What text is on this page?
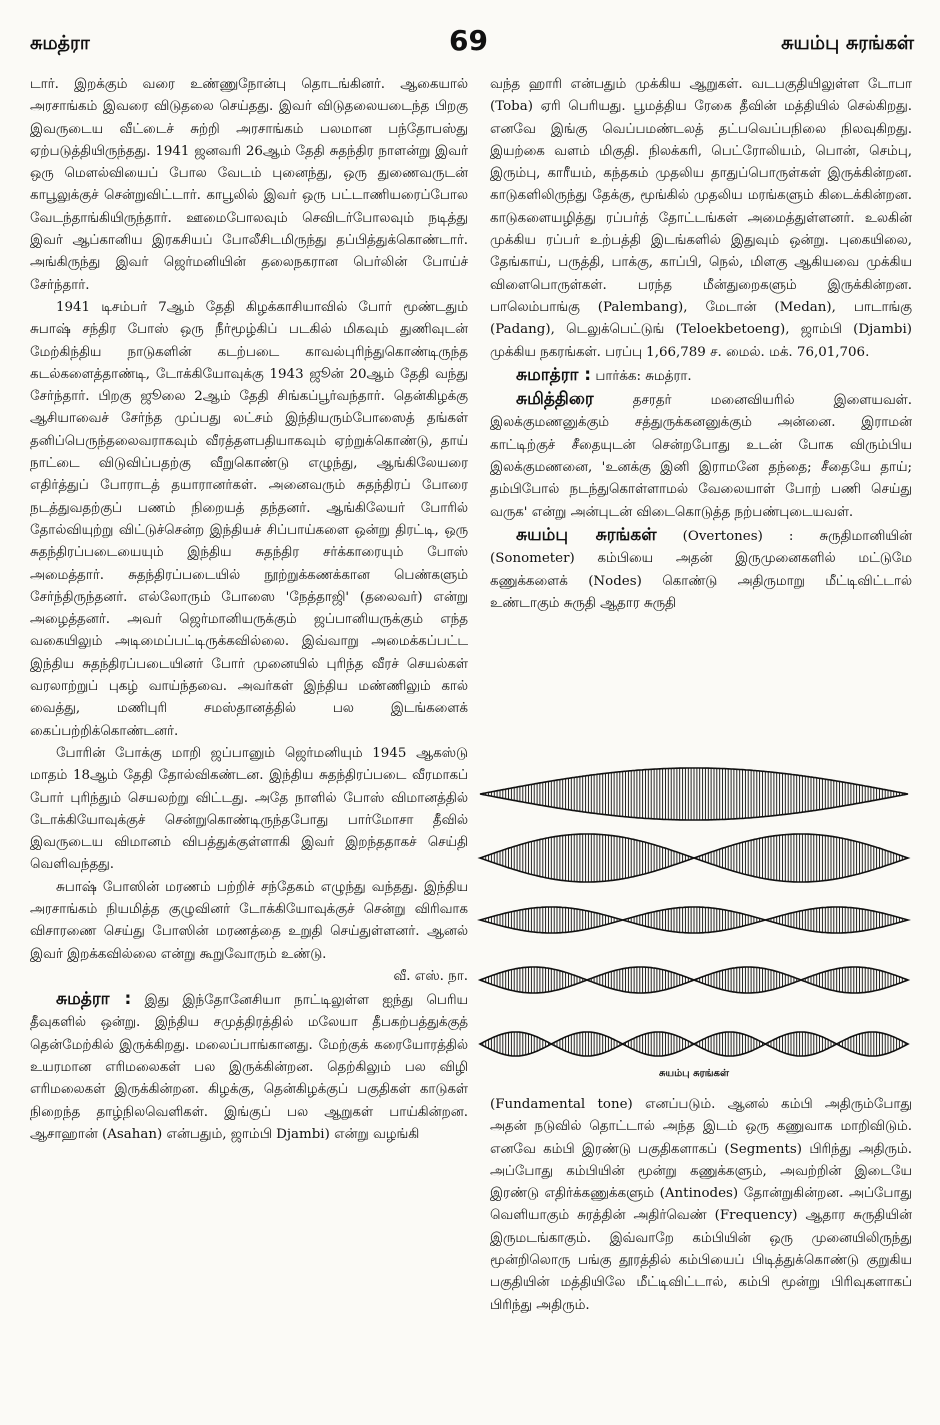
சுமத்ரா	69	சுயம்பு சுரங்கள்

டார். இறக்கும் வரை உண்ணுநோன்பு தொடங்கினர். ஆகையால் அரசாங்கம் இவரை விடுதலை செய்தது. இவர் விடுதலையடைந்த பிறகு இவருடைய வீட்டைச் சுற்றி அரசாங்கம் பலமான பந்தோபஸ்து ஏற்படுத்தியிருந்தது. 1941 ஜனவரி 26ஆம் தேதி சுதந்திர நாளன்று இவர் ஒரு மௌல்வியைப் போல வேடம் புனைந்து, ஒரு துணைவருடன் காபூலுக்குச் சென்றுவிட்டார். காபூலில் இவர் ஒரு பட்டாணியரைப்போல வேடந்தாங்கியிருந்தார். ஊமைபோலவும் செவிடர்போலவும் நடித்து இவர் ஆப்கானிய இரகசியப் போலீசிடமிருந்து தப்பித்துக்கொண்டார். அங்கிருந்து இவர் ஜெர்மனியின் தலைநகரான பெர்லின் போய்ச் சேர்ந்தார்.

1941 டிசம்பர் 7ஆம் தேதி கிழக்காசியாவில் போர் மூண்டதும் சுபாஷ் சந்திர போஸ் ஒரு நீர்மூழ்கிப் படகில் மிகவும் துணிவுடன் மேற்கிந்திய நாடுகளின் கடற்படை காவல்புரிந்துகொண்டிருந்த கடல்களைத்தாண்டி, டோக்கியோவுக்கு 1943 ஜூன் 20ஆம் தேதி வந்து சேர்ந்தார். பிறகு ஜூலை 2ஆம் தேதி சிங்கப்பூர்வந்தார். தென்கிழக்கு ஆசியாவைச் சேர்ந்த முப்பது லட்சம் இந்தியரும்போஸைத் தங்கள் தனிப்பெருந்தலைவராகவும் வீரத்தளபதியாகவும் ஏற்றுக்கொண்டு, தாய் நாட்டை விடுவிப்பதற்கு வீறுகொண்டு எழுந்து, ஆங்கிலேயரை எதிர்த்துப் போராடத் தயாரானர்கள். அனைவரும் சுதந்திரப் போரை நடத்துவதற்குப் பணம் நிறையத் தந்தனர். ஆங்கிலேயர் போரில் தோல்வியுற்று விட்டுச்சென்ற இந்தியச் சிப்பாய்களை ஒன்று திரட்டி, ஒரு சுதந்திரப்படையையும் இந்திய சுதந்திர சர்க்காரையும் போஸ் அமைத்தார். சுதந்திரப்படையில் நூற்றுக்கணக்கான பெண்களும் சேர்ந்திருந்தனர். எல்லோரும் போஸை 'நேத்தாஜி' (தலைவர்) என்று அழைத்தனர். அவர் ஜெர்மானியருக்கும் ஜப்பானியருக்கும் எந்த வகையிலும் அடிமைப்பட்டிருக்கவில்லை. இவ்வாறு அமைக்கப்பட்ட இந்திய சுதந்திரப்படையினர் போர் முனையில் புரிந்த வீரச் செயல்கள் வரலாற்றுப் புகழ் வாய்ந்தவை. அவர்கள் இந்திய மண்ணிலும் கால் வைத்து, மணிபுரி சமஸ்தானத்தில் பல இடங்களைக் கைப்பற்றிக்கொண்டனர்.

போரின் போக்கு மாறி ஜப்பானும் ஜெர்மனியும் 1945 ஆகஸ்டு மாதம் 18ஆம் தேதி தோல்விகண்டன. இந்திய சுதந்திரப்படை வீரமாகப் போர் புரிந்தும் செயலற்று விட்டது. அதே நாளில் போஸ் விமானத்தில் டோக்கியோவுக்குச் சென்றுகொண்டிருந்தபோது பார்மோசா தீவில் இவருடைய விமானம் விபத்துக்குள்ளாகி இவர் இறந்ததாகச் செய்தி வெளிவந்தது.

சுபாஷ் போஸின் மரணம் பற்றிச் சந்தேகம் எழுந்து வந்தது. இந்திய அரசாங்கம் நியமித்த குழுவினர் டோக்கியோவுக்குச் சென்று விரிவாக விசாரணை செய்து போஸின் மரணத்தை உறுதி செய்துள்ளனர். ஆனல் இவர் இறக்கவில்லை என்று கூறுவோரும் உண்டு.

வீ. எஸ். நா.

சுமத்ரா : இது இந்தோனேசியா நாட்டிலுள்ள ஐந்து பெரிய தீவுகளில் ஒன்று. இந்திய சமுத்திரத்தில் மலேயா தீபகற்பத்துக்குத் தென்மேற்கில் இருக்கிறது. மலைப்பாங்கானது. மேற்குக் கரையோரத்தில் உயரமான எரிமலைகள் பல இருக்கின்றன. தெற்கிலும் பல விழி எரிமலைகள் இருக்கின்றன. கிழக்கு, தென்கிழக்குப் பகுதிகள் காடுகள் நிறைந்த தாழ்நிலவெளிகள். இங்குப் பல ஆறுகள் பாய்கின்றன. ஆசாஹான் (Asahan) என்பதும், ஜாம்பி Djambi) என்று வழங்கி

வந்த ஹாரி என்பதும் முக்கிய ஆறுகள். வடபகுதியிலுள்ள டோபா (Toba) ஏரி பெரியது. பூமத்திய ரேகை தீவின் மத்தியில் செல்கிறது. எனவே இங்கு வெப்பமண்டலத் தட்பவெப்பநிலை நிலவுகிறது. இயற்கை வளம் மிகுதி. நிலக்கரி, பெட்ரோலியம், பொன், செம்பு, இரும்பு, காரீயம், கந்தகம் முதலிய தாதுப்பொருள்கள் இருக்கின்றன. காடுகளிலிருந்து தேக்கு, மூங்கில் முதலிய மரங்களும் கிடைக்கின்றன. காடுகளையழித்து ரப்பர்த் தோட்டங்கள் அமைத்துள்ளனர். உலகின் முக்கிய ரப்பர் உற்பத்தி இடங்களில் இதுவும் ஒன்று. புகையிலை, தேங்காய், பருத்தி, பாக்கு, காப்பி, நெல், மிளகு ஆகியவை முக்கிய விளைபொருள்கள். பரந்த மீன்துறைகளும் இருக்கின்றன. பாலெம்பாங்கு (Palembang), மேடான் (Medan), பாடாங்கு (Padang), டெலுக்பெட்டுங் (Teloekbetoeng), ஜாம்பி (Djambi) முக்கிய நகரங்கள். பரப்பு 1,66,789 ச. மைல். மக். 76,01,706.

சுமாத்ரா : பார்க்க: சுமத்ரா.

சுமித்திரை	தசரதர் மனைவியரில் இளையவள். இலக்குமணனுக்கும் சத்துருக்கனனுக்கும் அன்னை. இராமன் காட்டிற்குச் சீதையுடன் சென்றபோது உடன் போக விரும்பிய இலக்குமணனை, 'உனக்கு இனி இராமனே தந்தை; சீதையே தாய்; தம்பிபோல் நடந்துகொள்ளாமல் வேலையாள் போற் பணி செய்து வருக' என்று அன்புடன் விடைகொடுத்த நற்பண்புடையவள்.

சுயம்பு சுரங்கள் (Overtones) : சுருதிமானியின் (Sonometer) கம்பியை அதன் இருமுனைகளில் மட்டுமே கணுக்களைக் (Nodes) கொண்டு அதிருமாறு மீட்டிவிட்டால் உண்டாகும் சுருதி ஆதார சுருதி

சுயம்பு சுரங்கள்

(Fundamental tone) எனப்படும். ஆனல் கம்பி அதிரும்போது அதன் நடுவில் தொட்டால் அந்த இடம் ஒரு கணுவாக மாறிவிடும். எனவே கம்பி இரண்டு பகுதிகளாகப் (Segments) பிரிந்து அதிரும். அப்போது கம்பியின் மூன்று கணுக்களும், அவற்றின் இடையே இரண்டு எதிர்க்கணுக்களும் (Antinodes) தோன்றுகின்றன. அப்போது வெளியாகும் சுரத்தின் அதிர்வெண் (Frequency) ஆதார சுருதியின் இருமடங்காகும். இவ்வாறே கம்பியின் ஒரு முனையிலிருந்து மூன்றிலொரு பங்கு தூரத்தில் கம்பியைப் பிடித்துக்கொண்டு குறுகிய பகுதியின் மத்தியிலே மீட்டிவிட்டால், கம்பி மூன்று பிரிவுகளாகப் பிரிந்து அதிரும்.
